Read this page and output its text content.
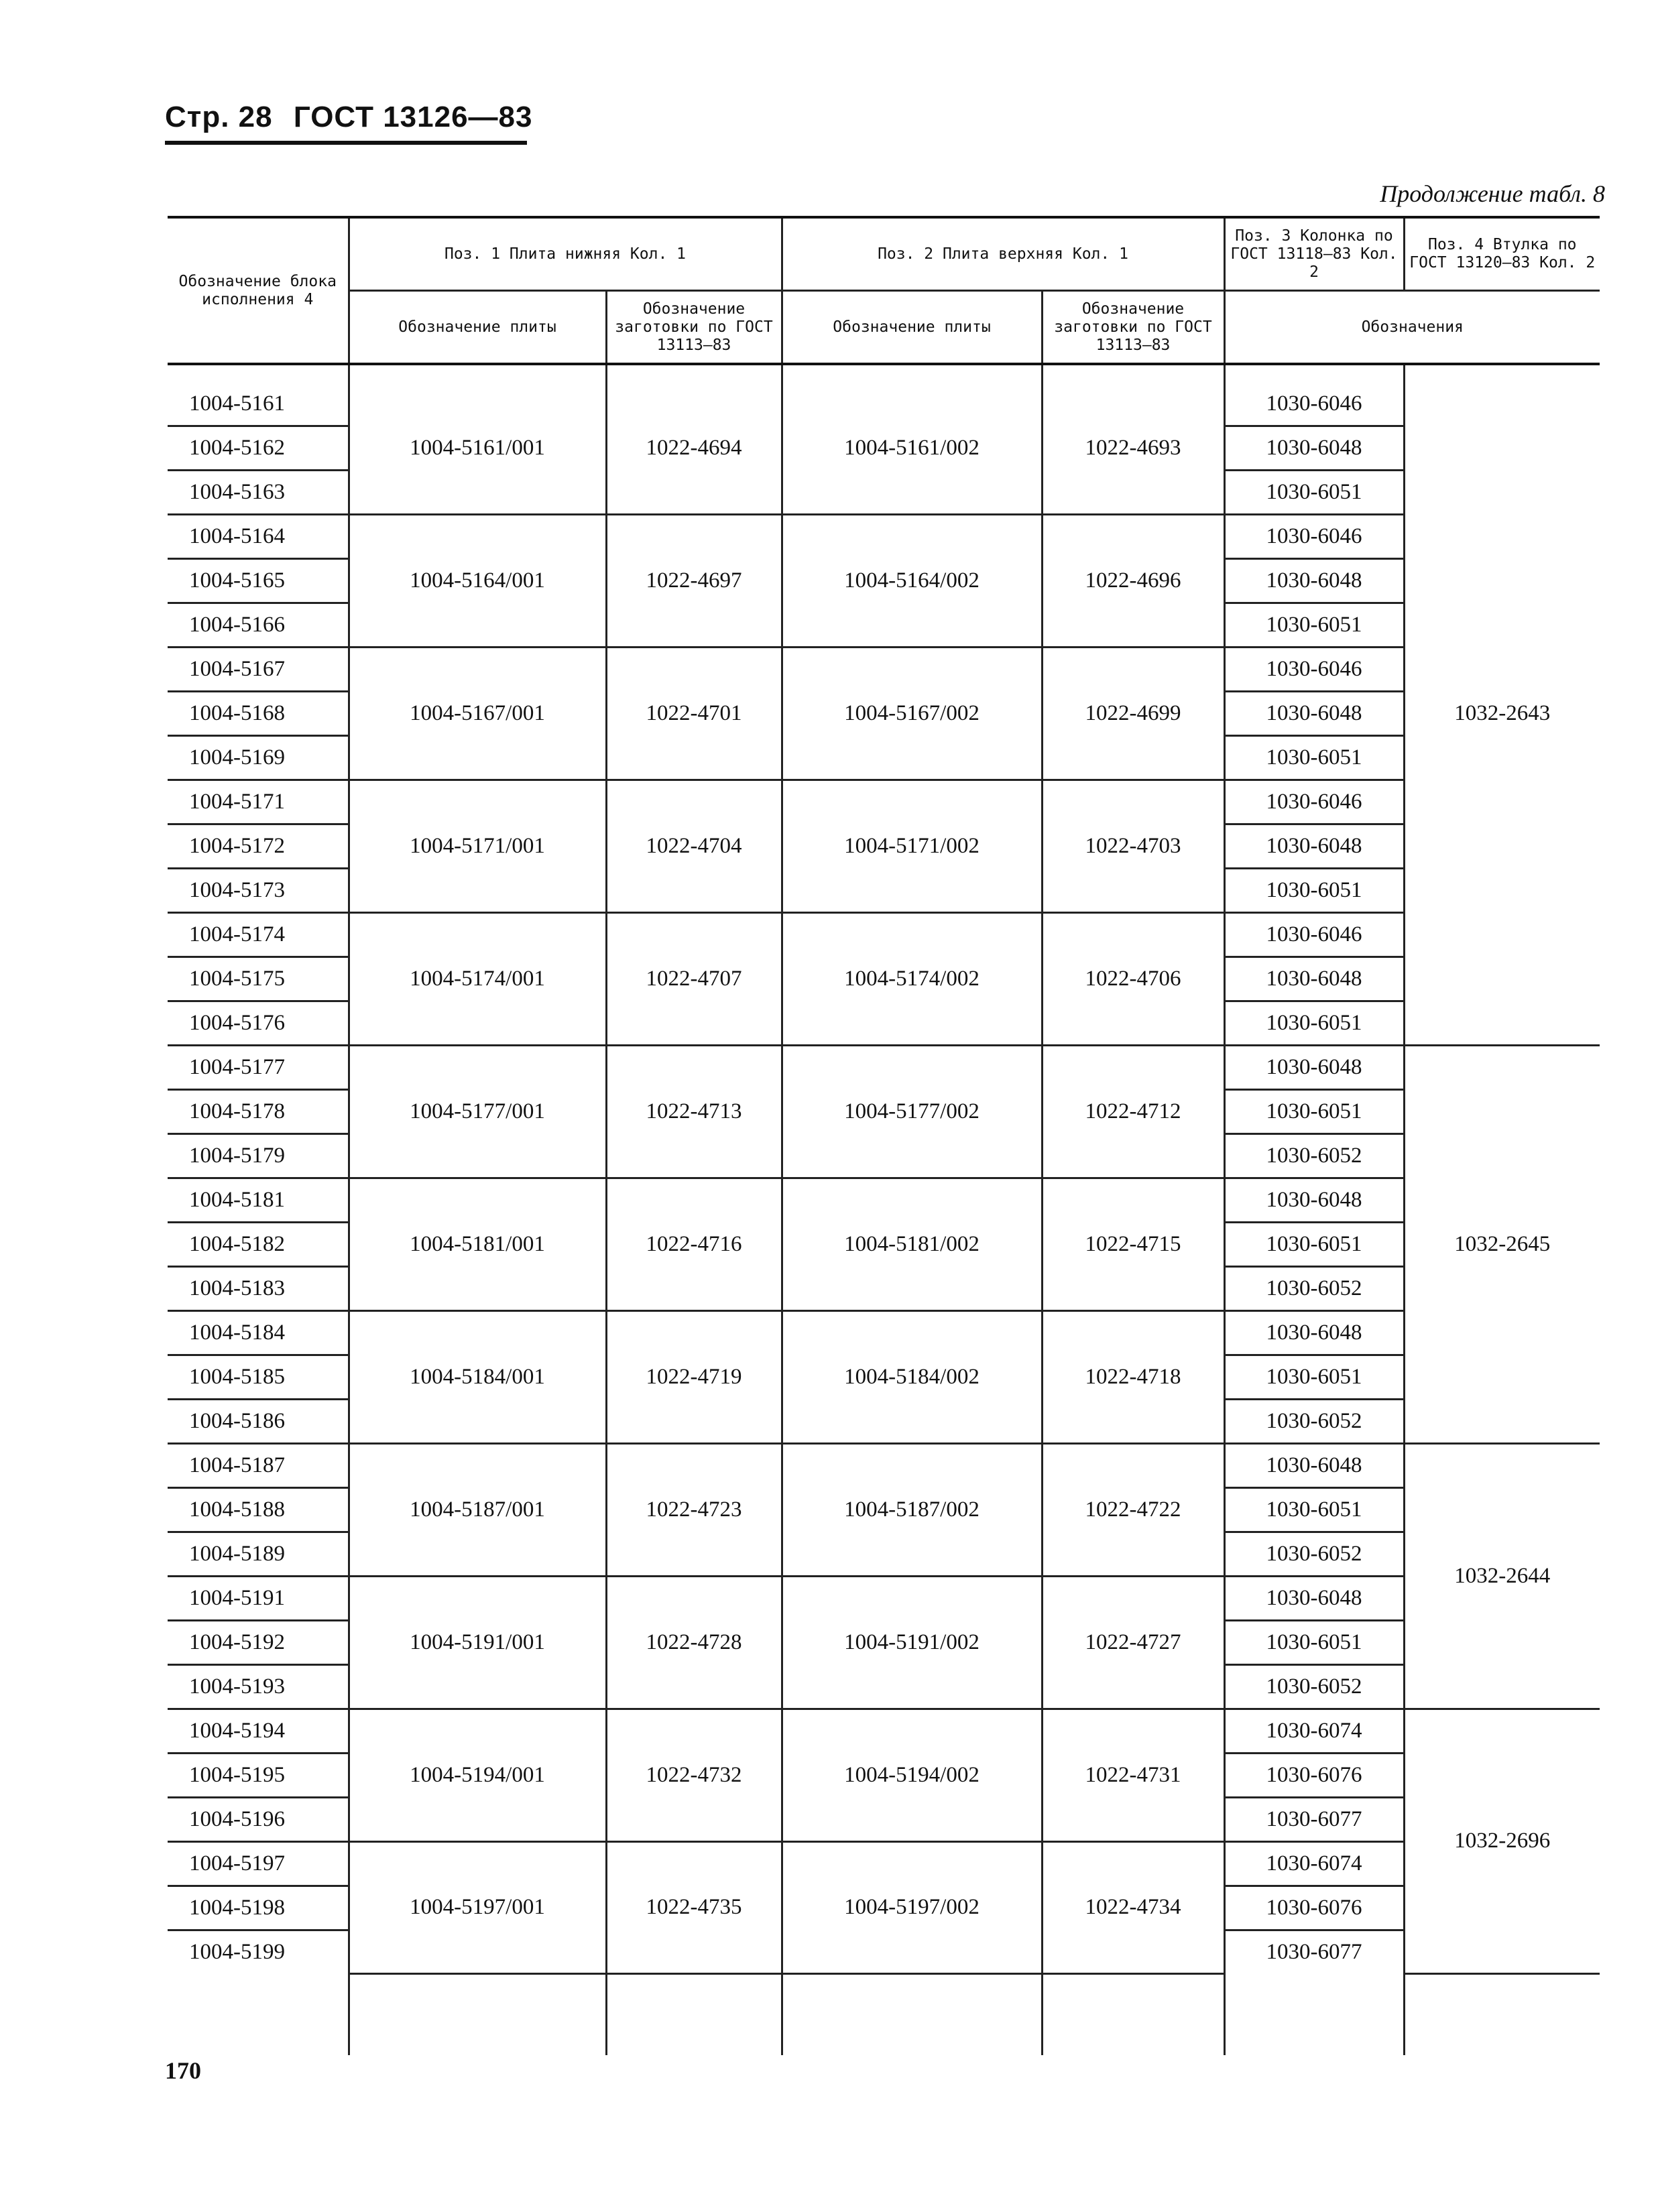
Стр. 28 ГОСТ 13126—83
Продолжение табл. 8
Обозначение блока исполнения 4	Поз. 1 Плита нижняя Кол. 1		Поз. 2 Плита верхняя Кол. 1		Поз. 3 Колонка по ГОСТ 13118—83 Кол. 2	Поз. 4 Втулка по ГОСТ 13120—83 Кол. 2
	Обозначение плиты	Обозначение заготовки по ГОСТ 13113—83	Обозначение плиты	Обозначение заготовки по ГОСТ 13113—83		
					Обозначения	
1004-5161	1004-5161/001	1022-4694	1004-5161/002	1022-4693	1030-6046	1032-2643
1004-5162					1030-6048	
1004-5163					1030-6051	
1004-5164	1004-5164/001	1022-4697	1004-5164/002	1022-4696	1030-6046	
1004-5165					1030-6048	
1004-5166					1030-6051	
1004-5167	1004-5167/001	1022-4701	1004-5167/002	1022-4699	1030-6046	
1004-5168					1030-6048	
1004-5169					1030-6051	
1004-5171	1004-5171/001	1022-4704	1004-5171/002	1022-4703	1030-6046	
1004-5172					1030-6048	
1004-5173					1030-6051	
1004-5174	1004-5174/001	1022-4707	1004-5174/002	1022-4706	1030-6046	
1004-5175					1030-6048	
1004-5176					1030-6051	
1004-5177	1004-5177/001	1022-4713	1004-5177/002	1022-4712	1030-6048	1032-2645
1004-5178					1030-6051	
1004-5179					1030-6052	
1004-5181	1004-5181/001	1022-4716	1004-5181/002	1022-4715	1030-6048	
1004-5182					1030-6051	
1004-5183					1030-6052	
1004-5184	1004-5184/001	1022-4719	1004-5184/002	1022-4718	1030-6048	
1004-5185					1030-6051	
1004-5186					1030-6052	
1004-5187	1004-5187/001	1022-4723	1004-5187/002	1022-4722	1030-6048	1032-2644
1004-5188					1030-6051	
1004-5189					1030-6052	
1004-5191	1004-5191/001	1022-4728	1004-5191/002	1022-4727	1030-6048	
1004-5192					1030-6051	
1004-5193					1030-6052	
1004-5194	1004-5194/001	1022-4732	1004-5194/002	1022-4731	1030-6074	1032-2696
1004-5195					1030-6076	
1004-5196					1030-6077	
1004-5197	1004-5197/001	1022-4735	1004-5197/002	1022-4734	1030-6074	
1004-5198					1030-6076	
1004-5199					1030-6077	

170
